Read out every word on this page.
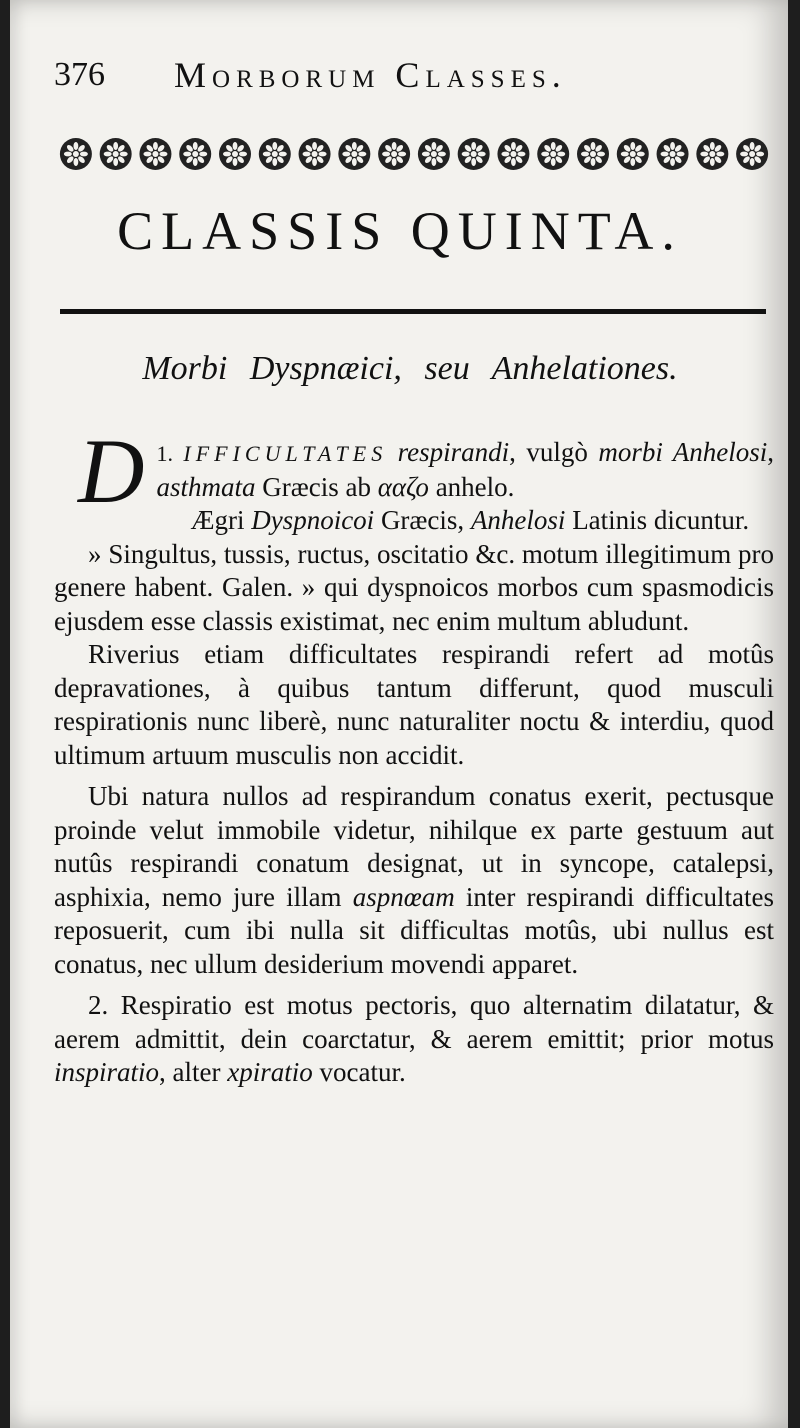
376 Morborum Classes.
CLASSIS QUINTA.
Morbi Dyspnæici, seu Anhelationes.

1.
D IFFICULTATES respirandi, vulgò morbi Anhelosi, asthmata Græcis ab ααζο anhelo.

Ægri Dyspnoicoi Græcis, Anhelosi Latinis dicuntur.

» Singultus, tussis, ructus, oscitatio &c. motum illegitimum pro genere habent. Galen. » qui dyspnoicos morbos cum spasmodicis ejusdem esse classis existimat, nec enim multum abludunt.

Riverius etiam difficultates respirandi refert ad motûs depravationes, à quibus tantum differunt, quod musculi respirationis nunc liberè, nunc naturaliter noctu & interdiu, quod ultimum artuum musculis non accidit.

Ubi natura nullos ad respirandum conatus exerit, pectusque proinde velut immobile videtur, nihilque ex parte gestuum aut nutûs respirandi conatum designat, ut in syncope, catalepsi, asphixia, nemo jure illam aspnœam inter respirandi difficultates reposuerit, cum ibi nulla sit difficultas motûs, ubi nullus est conatus, nec ullum desiderium movendi apparet.

2. Respiratio est motus pectoris, quo alternatim dilatatur, & aerem admittit, dein coarctatur, & aerem emittit; prior motus inspiratio, alter xpiratio vocatur.
